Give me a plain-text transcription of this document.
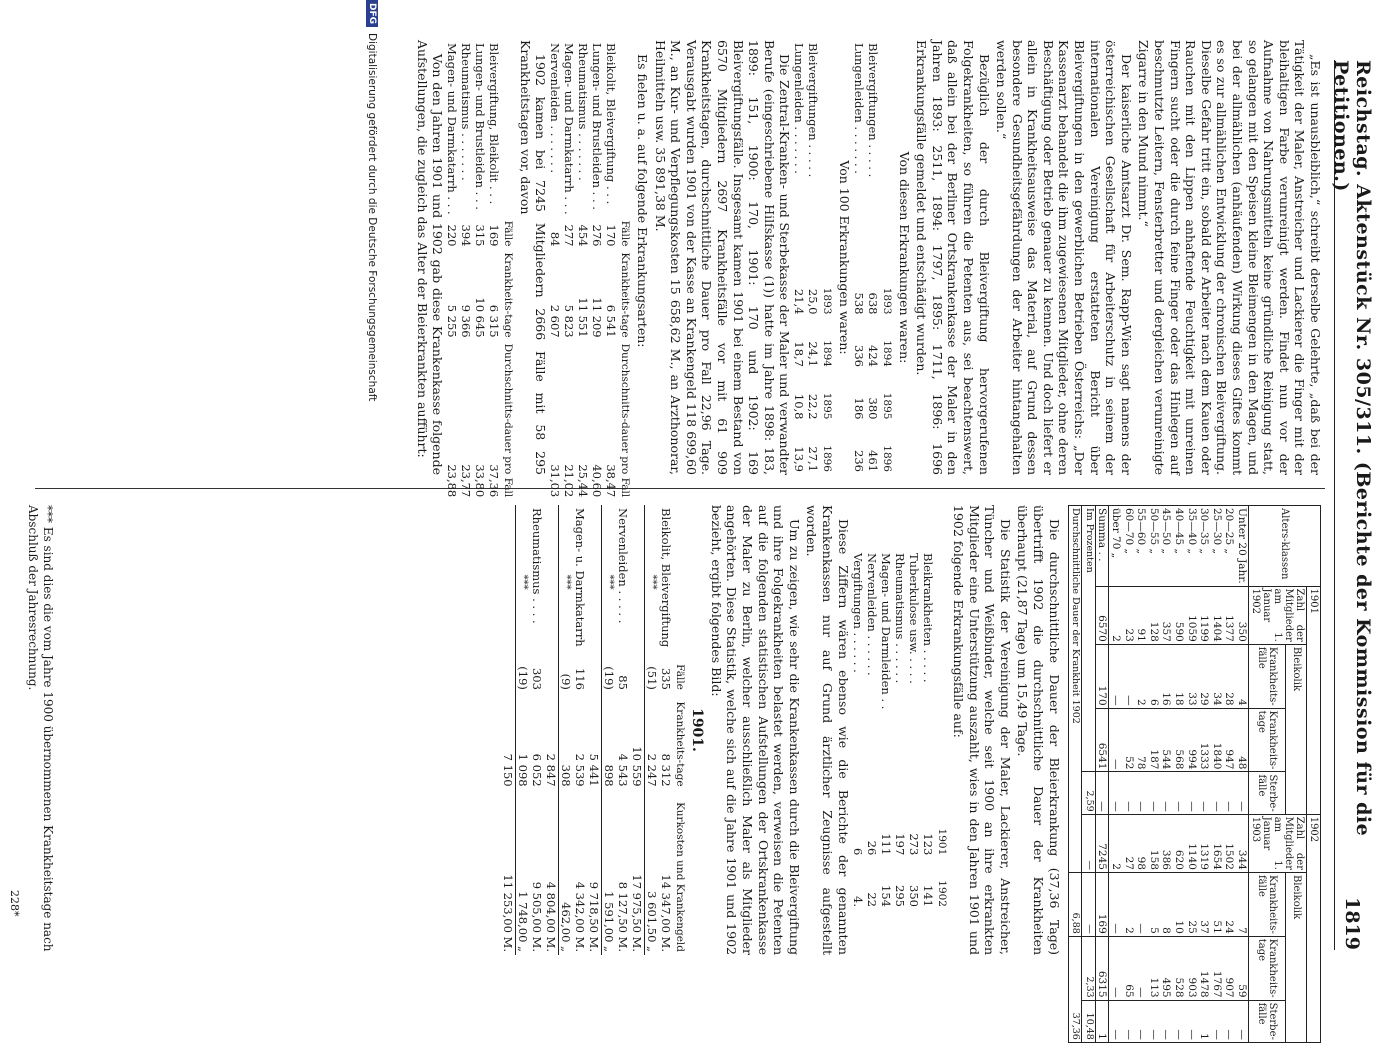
Reichstag. Aktenstück Nr. 305/311. (Berichte der Kommission für die Petitionen.)
1819

„Es ist unausbleiblich,“ schreibt derselbe Gelehrte, „daß bei der Tätigkeit der Maler, Anstreicher und Lackierer die Finger mit der bleihaltigen Farbe verunreinigt werden. Findet nun vor der Aufnahme von Nahrungsmitteln keine gründliche Reinigung statt, so gelangen mit den Speisen kleine Bleimengen in den Magen, und bei der allmählichen (anhäufenden) Wirkung dieses Giftes kommt es so zur allmählichen Entwicklung der chronischen Bleivergiftung. Dieselbe Gefahr tritt ein, sobald der Arbeiter nach dem Kauen oder Rauchen mit den Lippen anhaftende Feuchtigkeit mit unreinen Fingern sucht oder die durch feine Finger oder das Hinlegen auf beschmutzte Leitern, Fensterbretter und dergleichen verunreinigte Zigarre in den Mund nimmt.“

Der kaiserliche Amtsarzt Dr. Sem. Rapp-Wien sagt namens der österreichischen Gesellschaft für Arbeiterschutz in seinem der internationalen Vereinigung erstatteten Bericht über Bleivergiftungen in den gewerblichen Betrieben Österreichs: „Der Kassenarzt behandelt die ihm zugewiesenen Mitglieder, ohne deren Beschäftigung oder Betrieb genauer zu kennen. Und doch liefert er allein in Krankheitsausweise das Material, auf Grund dessen besondere Gesundheitsgefährdungen der Arbeiter hintangehalten werden sollen.“

Bezüglich der durch Bleivergiftung hervorgerufenen Folgekrankheiten, so führen die Petenten aus, sei beachtenswert, daß allein bei der Berliner Ortskrankenkasse der Maler in den Jahren 1893: 2511, 1894: 1797, 1895: 1711, 1896: 1696 Erkrankungsfälle gemeldet und entschädigt wurden.

Von diesen Erkrankungen waren:

	1893	1894	1895	1896
Bleivergiftungen . . . . .	638	424	380	461
Lungenleiden . . . . . . .	538	336	186	236

Von 100 Erkrankungen waren:

	1893	1894	1895	1896
Bleivergiftungen . . . . .	25,0	24,1	22,2	27,1
Lungenleiden . . . . . . .	21,4	18,7	10,8	13,9

Die Zentral-Kranken- und Sterbekasse der Maler und verwandter Berufe (eingeschriebene Hilfskasse (1)) hatte im Jahre 1898: 183, 1899: 151, 1900: 170, 1901: 170 und 1902: 169 Bleivergiftungsfälle. Insgesamt kamen 1901 bei einem Bestand von 6570 Mitgliedern 2697 Krankheitsfälle vor mit 61 909 Krankheitstagen, durchschnittliche Dauer pro Fall 22,96 Tage. Verausgabt wurden 1901 von der Kasse an Krankengeld 118 699,60 M., an Kur- und Verpflegungskosten 15 658,62 M., an Arzthonorar, Heilmitteln usw. 35 891,38 M.

Es fielen u. a. auf folgende Erkrankungsarten:

	Fälle	Krankheits-tage	Durchschnitts-dauer pro Fall
Bleikolit, Bleivergiftung . . .	170	6 541	38,47
Lungen- und Brustleiden . . .	276	11 209	40,60
Rheumatismus . . . . . . .	454	11 551	25,44
Magen- und Darmkatarrh . . .	277	5 823	21,02
Nervenleiden . . . . . . .	84	2 607	31,03

1902 kamen bei 7245 Mitgliedern 2666 Fälle mit 58 295 Krankheitstagen vor, davon

	Fälle	Krankheits-tage	Durchschnitts-dauer pro Fall
Bleivergiftung, Bleikolit . . .	169	6 315	37,36
Lungen- und Brustleiden . . .	315	10 645	33,80
Rheumatismus . . . . . . .	394	9 366	23,77
Magen- und Darmkatarrh . . .	220	5 255	23,88

Von den Jahren 1901 und 1902 gab diese Krankenkasse folgende Aufstellungen, die zugleich das Alter der Bleierkrankten aufführt:

Alters-klassen	1901				1902			
	Zahl der Mitglieder am 1. Januar 1902	Bleikolik			Zahl der Mitglieder am 1. Januar 1903	Bleikolik		
		Krankheits-fälle	Krankheits-tage	Sterbe-fälle		Krankheits-fälle	Krankheits-tage	Sterbe-fälle
Unter 20 Jahr.	350	4	48	—	344	7	59	—
20—25 „	1377	28	947	—	1502	24	907	—
25—30 „	1404	34	1840	—	1654	51	1767	—
30—35 „	1199	29	1333	—	1319	37	1478	1
35—40 „	1059	33	994	—	1140	25	903	—
40—45 „	590	18	568	—	620	10	528	—
45—50 „	357	16	544	—	386	8	495	—
50—55 „	128	6	187	—	158	5	113	—
55—60 „	91	2	78	—	98	—	—	—
60—70 „	23	—	52	—	27	2	65	—
über 70 „	2	—	—	—	2	—	—	—
Summa . .	6570	170	6541	—	7245	169	6315	1
Im Prozenten				2,59	—	—	2,33	10,48
Durchschnittliche Dauer der Krankheit 1902						6,88	37,36	

Die durchschnittliche Dauer der Bleierkrankung (37,36 Tage) übertrifft 1902 die durchschnittliche Dauer der Krankheiten überhaupt (21,87 Tage) um 15,49 Tage.

Die Statistik der Vereinigung der Maler, Lackierer, Anstreicher, Tüncher und Weißbinder, welche seit 1900 an ihre erkrankten Mitglieder eine Unterstützung auszahlt, wies in den Jahren 1901 und 1902 folgende Erkrankungsfälle auf:

	1901	1902
Bleikrankheiten . . . . .	123	141
Tuberkulose usw. . . . .	273	350
Rheumatismus . . . . . .	197	295
Magen- und Darmleiden . .	111	154
Nervenleiden . . . . . .	26	22
Vergiftungen . . . . . .	6	4.

Diese Ziffern wären ebenso wie die Berichte der genannten Krankenkassen nur auf Grund ärztlicher Zeugnisse aufgestellt worden.

Um zu zeigen, wie sehr die Krankenkassen durch die Bleivergiftung und ihre Folgekrankheiten belastet werden, verweisen die Petenten auf die folgenden statistischen Aufstellungen der Ortskrankenkasse der Maler zu Berlin, welcher ausschließlich Maler als Mitglieder angehörten. Diese Statistik, welche sich auf die Jahre 1901 und 1902 bezieht, ergibt folgendes Bild:

1901.
	Fälle	Krankheits-tage	Kurkosten und Krankengeld
Bleikolit, Bleivergiftung	335	8 312	14 347,00 M.
***	(51)	2 247	3 601,50 „
		10 559	17 975,50 M.
Nervenleiden . . . . .	85	4 543	8 127,50 M.
***	(19)	898	1 591,00 „
		5 441	9 718,50 M.
Magen- u. Darmkatarrh	116	2 539	4 342,00 M.
***	(9)	308	462,00 „
		2 847	4 804,00 M.
Rheumatismus . . . .	303	6 052	9 505,00 M.
***	(19)	1 098	1 748,00 „
		7 150	11 253,00 M.
*** Es sind dies die vom Jahre 1900 übernommenen Krankheitstage nach Abschluß der Jahresrechnung.
228*
DFG
Digitalisierung gefördert durch die Deutsche Forschungsgemeinschaft
